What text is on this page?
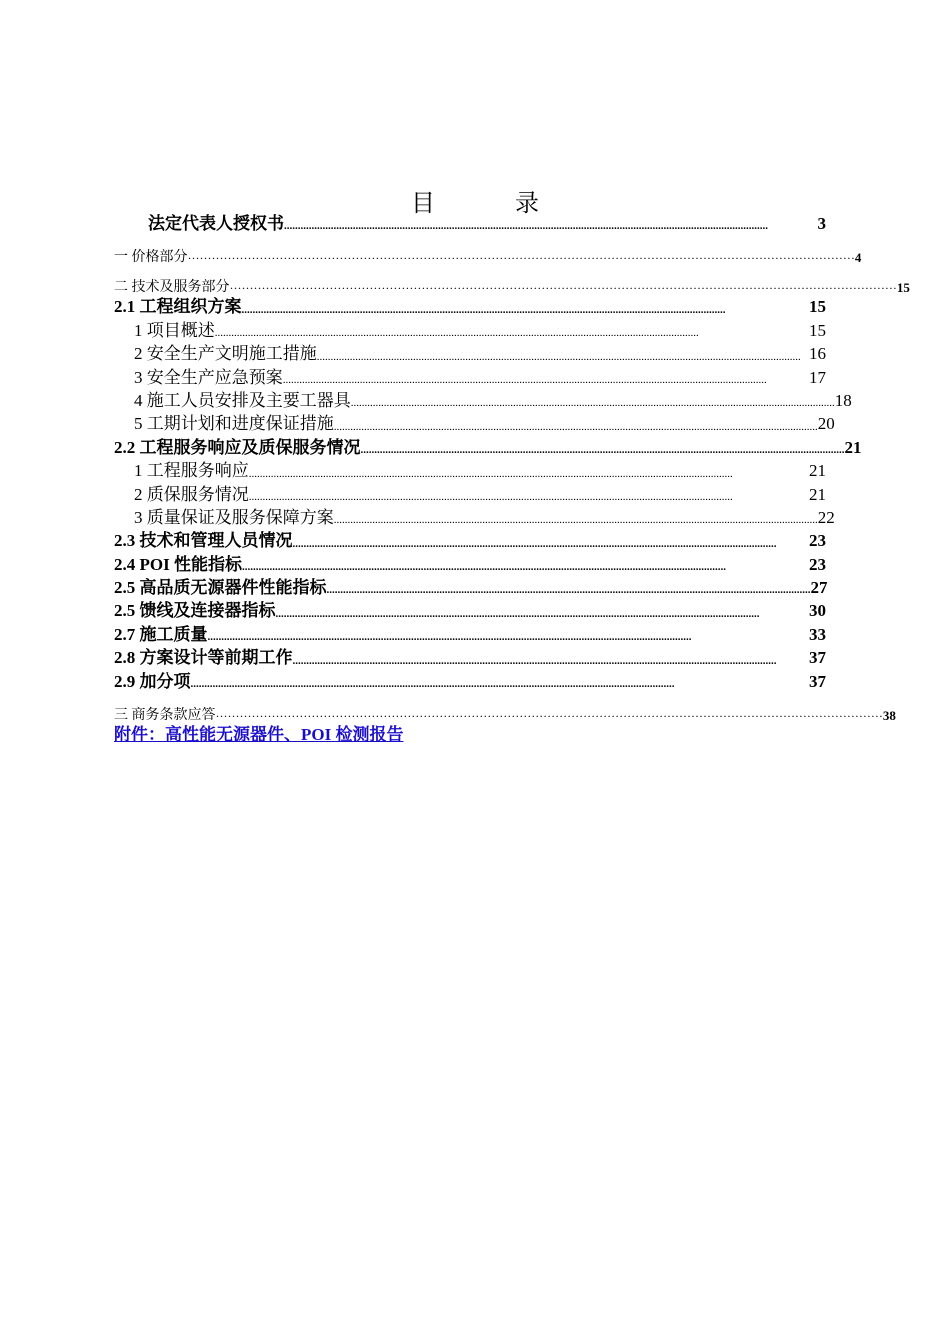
目　录
法定代表人授权书 ................................................................................................................................................................................	3
一 价格部分 ······································································································································································· 4
二 技术及服务部分 ······································································································································································· 15
2.1 工程组织方案 ................................................................................................................................................................................	15
1 项目概述 ................................................................................................................................................................................	15
2 安全生产文明施工措施 ................................................................................................................................................................................ 16
3 安全生产应急预案 ................................................................................................................................................................................	17
4 施工人员安排及主要工器具 ................................................................................................................................................................................ 18
5 工期计划和进度保证措施 ................................................................................................................................................................................ 20
2.2 工程服务响应及质保服务情况 ................................................................................................................................................................................ 21
1 工程服务响应 ................................................................................................................................................................................	21
2 质保服务情况 ................................................................................................................................................................................	21
3 质量保证及服务保障方案 ................................................................................................................................................................................ 22
2.3 技术和管理人员情况 ................................................................................................................................................................................	23
2.4 POI 性能指标 ................................................................................................................................................................................	23
2.5 高品质无源器件性能指标 ................................................................................................................................................................................ 27
2.5 馈线及连接器指标 ................................................................................................................................................................................	30
2.7 施工质量 ................................................................................................................................................................................	33
2.8 方案设计等前期工作 ................................................................................................................................................................................	37
2.9 加分项 ................................................................................................................................................................................	37
三 商务条款应答 ······································································································································································· 38
附件：高性能无源器件、POI 检测报告
